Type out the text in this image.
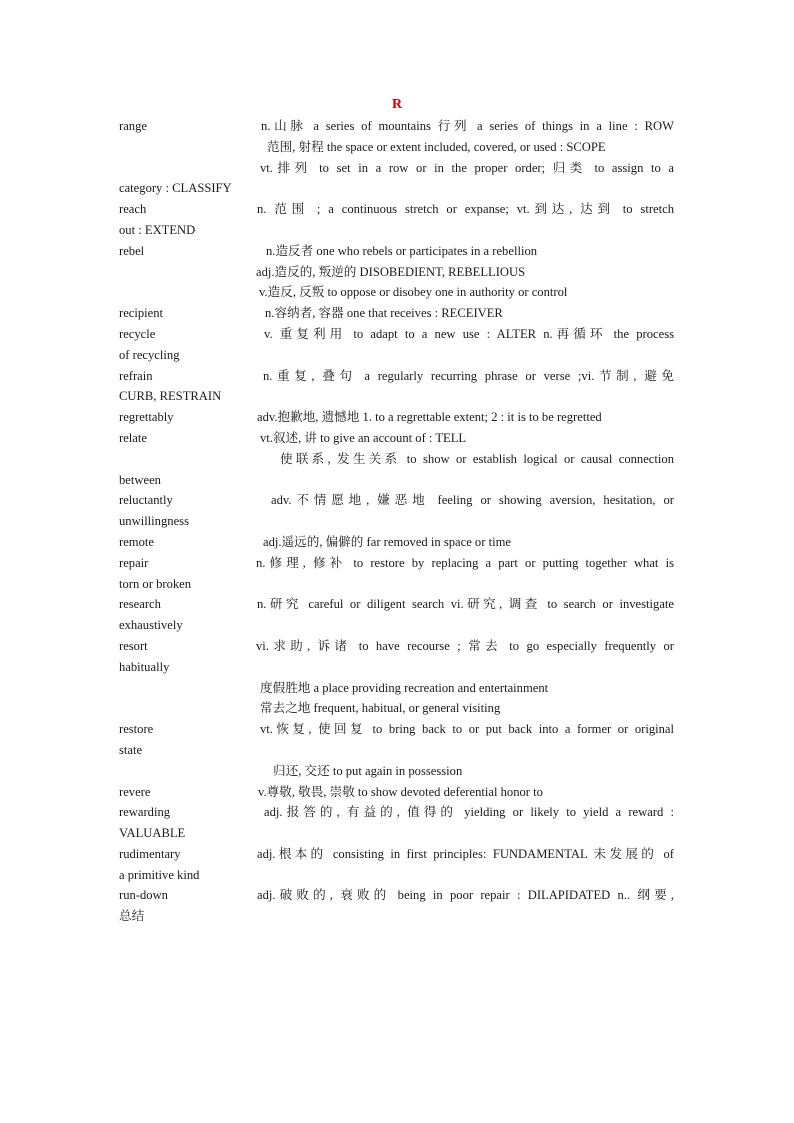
R
range	n.山脉 a series of mountains 行列 a series of things in a line : ROW
范围, 射程 the space or extent included, covered, or used : SCOPE
vt.排列 to set in a row or in the proper order; 归类 to assign to a
category : CLASSIFY
reach	n. 范围 ; a continuous stretch or expanse; vt.到达, 达到 to stretch
out : EXTEND
rebel	n.造反者 one who rebels or participates in a rebellion
adj.造反的, 叛逆的 DISOBEDIENT, REBELLIOUS
v.造反, 反叛 to oppose or disobey one in authority or control
recipient	n.容纳者, 容器 one that receives : RECEIVER
recycle	v. 重复利用 to adapt to a new use : ALTER n.再循环 the process
of recycling
refrain	n.重复, 叠句 a regularly recurring phrase or verse ;vi.节制, 避免
CURB, RESTRAIN
regrettably	adv.抱歉地, 遗憾地 1. to a regrettable extent; 2 : it is to be regretted
relate	vt.叙述, 讲 to give an account of : TELL
使联系, 发生关系 to show or establish logical or causal connection
between
reluctantly	adv.不情愿地, 嫌恶地 feeling or showing aversion, hesitation, or
unwillingness
remote	adj.遥远的, 偏僻的 far removed in space or time
repair	n.修理, 修补 to restore by replacing a part or putting together what is
torn or broken
research	n.研究 careful or diligent search vi.研究, 调查 to search or investigate
exhaustively
resort	vi.求助, 诉诸 to have recourse ; 常去 to go especially frequently or
habitually
度假胜地 a place providing recreation and entertainment
常去之地 frequent, habitual, or general visiting
restore	vt.恢复, 使回复 to bring back to or put back into a former or original
state
归还, 交还 to put again in possession
revere	v.尊敬, 敬畏, 崇敬 to show devoted deferential honor to
rewarding	adj.报答的, 有益的, 值得的 yielding or likely to yield a reward :
VALUABLE
rudimentary	adj.根本的 consisting in first principles: FUNDAMENTAL 未发展的 of
a primitive kind
run-down	adj.破败的, 衰败的 being in poor repair : DILAPIDATED n.. 纲要,
总结
